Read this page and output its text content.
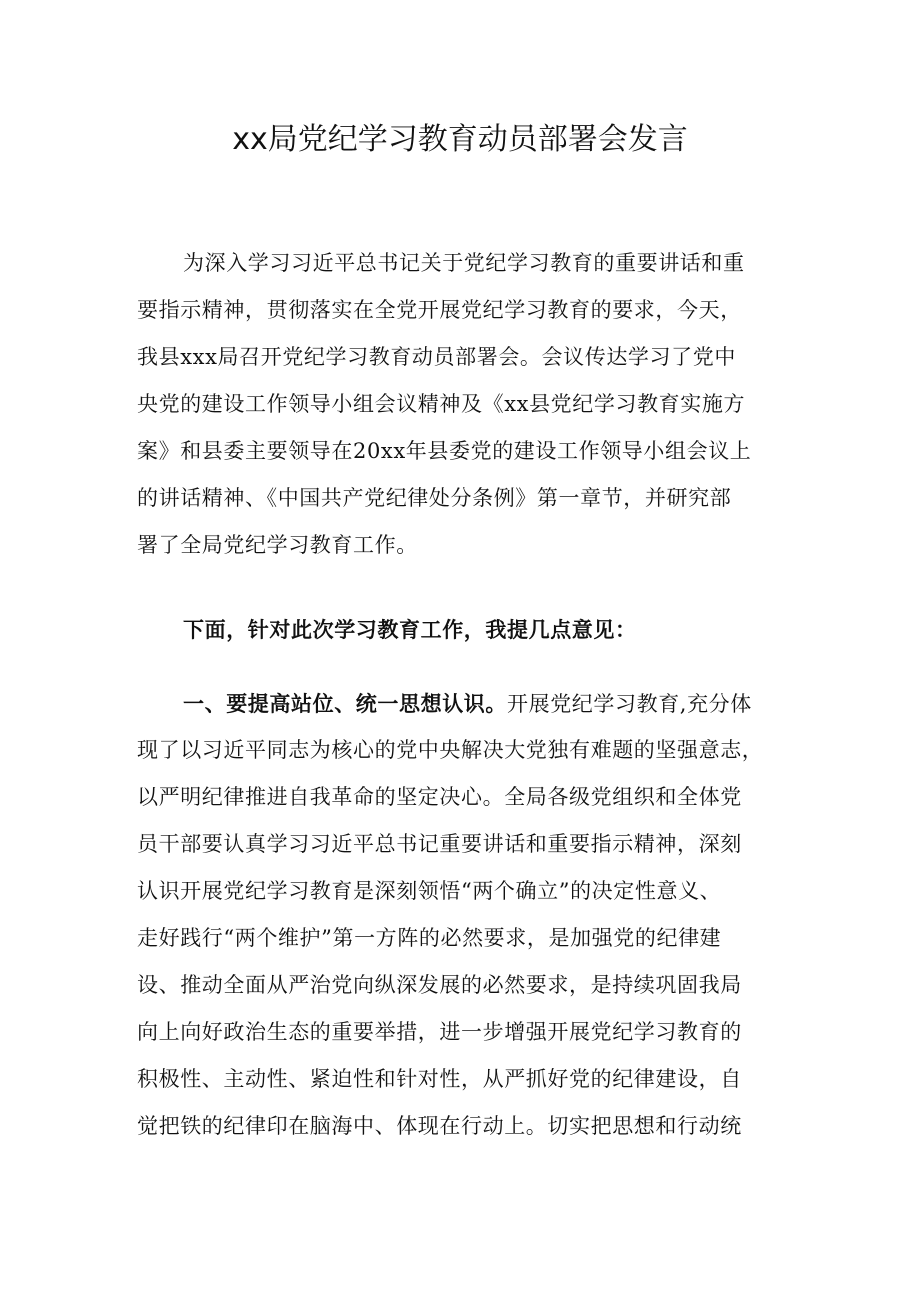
xx局党纪学习教育动员部署会发言
为深入学习习近平总书记关于党纪学习教育的重要讲话和重
要指示精神，贯彻落实在全党开展党纪学习教育的要求，今天，
我县xxx局召开党纪学习教育动员部署会。会议传达学习了党中
央党的建设工作领导小组会议精神及《xx县党纪学习教育实施方
案》和县委主要领导在20xx年县委党的建设工作领导小组会议上
的讲话精神、《中国共产党纪律处分条例》第一章节，并研究部
署了全局党纪学习教育工作。
下面，针对此次学习教育工作，我提几点意见：
一、要提高站位、统一思想认识。开展党纪学习教育,充分体
现了以习近平同志为核心的党中央解决大党独有难题的坚强意志，
以严明纪律推进自我革命的坚定决心。全局各级党组织和全体党
员干部要认真学习习近平总书记重要讲话和重要指示精神，深刻
认识开展党纪学习教育是深刻领悟“两个确立”的决定性意义、
走好践行“两个维护”第一方阵的必然要求，是加强党的纪律建
设、推动全面从严治党向纵深发展的必然要求，是持续巩固我局
向上向好政治生态的重要举措，进一步增强开展党纪学习教育的
积极性、主动性、紧迫性和针对性，从严抓好党的纪律建设，自
觉把铁的纪律印在脑海中、体现在行动上。切实把思想和行动统
